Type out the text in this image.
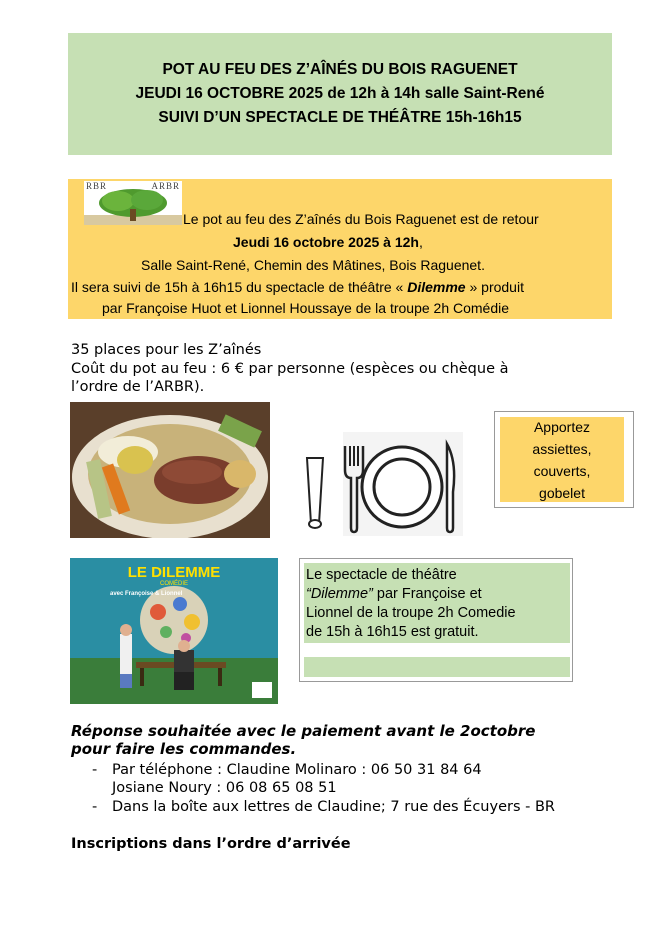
POT AU FEU DES Z’AÎNÉS DU BOIS RAGUENET
JEUDI 16 OCTOBRE 2025 de 12h à 14h salle Saint-René
SUIVI D’UN SPECTACLE DE THÉÂTRE 15h-16h15
RBR	ARBR
Le pot au feu des Z’aînés du Bois Raguenet est de retour
Jeudi 16 octobre 2025 à 12h,
Salle Saint-René, Chemin des Mâtines, Bois Raguenet.
Il sera suivi de 15h à 16h15 du spectacle de théâtre « Dilemme » produit
par Françoise Huot et Lionnel Houssaye de la troupe 2h Comédie
35 places pour les Z’aînés
Coût du pot au feu : 6 € par personne (espèces ou chèque à
l’ordre de l’ARBR).
Apportez
assiettes,
couverts,
gobelet
LE DILEMME
COMÉDIE
avec Françoise & Lionnel
Le spectacle de théâtre
“Dilemme” par Françoise et
Lionnel de la troupe 2h Comedie
de 15h à 16h15 est gratuit.
Réponse souhaitée avec le paiement avant le 2octobre
pour faire les commandes.
- Par téléphone : Claudine Molinaro : 06 50 31 84 64
Josiane Noury : 06 08 65 08 51
- Dans la boîte aux lettres de Claudine; 7 rue des Écuyers - BR
Inscriptions dans l’ordre d’arrivée
